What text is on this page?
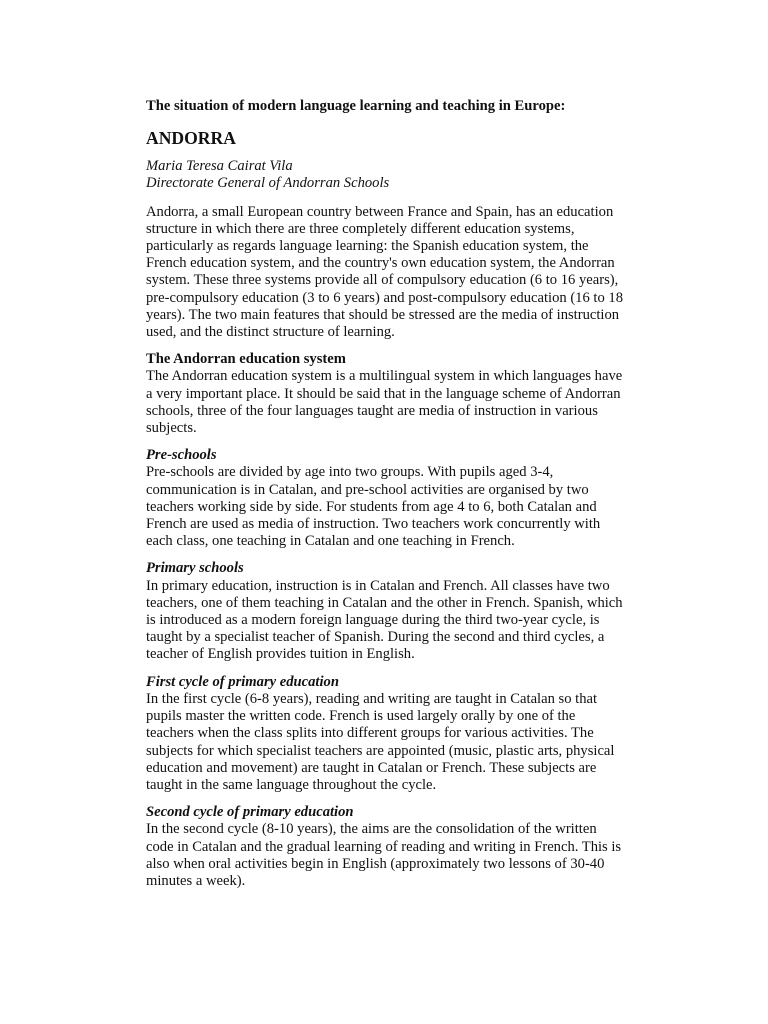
The situation of modern language learning and teaching in Europe:

ANDORRA

Maria Teresa Cairat Vila
Directorate General of Andorran Schools

Andorra, a small European country between France and Spain, has an education structure in which there are three completely different education systems, particularly as regards language learning: the Spanish education system, the French education system, and the country's own education system, the Andorran system. These three systems provide all of compulsory education (6 to 16 years), pre-compulsory education (3 to 6 years) and post-compulsory education (16 to 18 years). The two main features that should be stressed are the media of instruction used, and the distinct structure of learning.

The Andorran education system
The Andorran education system is a multilingual system in which languages have a very important place. It should be said that in the language scheme of Andorran schools, three of the four languages taught are media of instruction in various subjects.
Pre-schools
Pre-schools are divided by age into two groups. With pupils aged 3-4, communication is in Catalan, and pre-school activities are organised by two teachers working side by side. For students from age 4 to 6, both Catalan and French are used as media of instruction. Two teachers work concurrently with each class, one teaching in Catalan and one teaching in French.
Primary schools
In primary education, instruction is in Catalan and French. All classes have two teachers, one of them teaching in Catalan and the other in French. Spanish, which is introduced as a modern foreign language during the third two-year cycle, is taught by a specialist teacher of Spanish. During the second and third cycles, a teacher of English provides tuition in English.
First cycle of primary education
In the first cycle (6-8 years), reading and writing are taught in Catalan so that pupils master the written code. French is used largely orally by one of the teachers when the class splits into different groups for various activities. The subjects for which specialist teachers are appointed (music, plastic arts, physical education and movement) are taught in Catalan or French. These subjects are taught in the same language throughout the cycle.
Second cycle of primary education
In the second cycle (8-10 years), the aims are the consolidation of the written code in Catalan and the gradual learning of reading and writing in French. This is also when oral activities begin in English (approximately two lessons of 30-40 minutes a week).
